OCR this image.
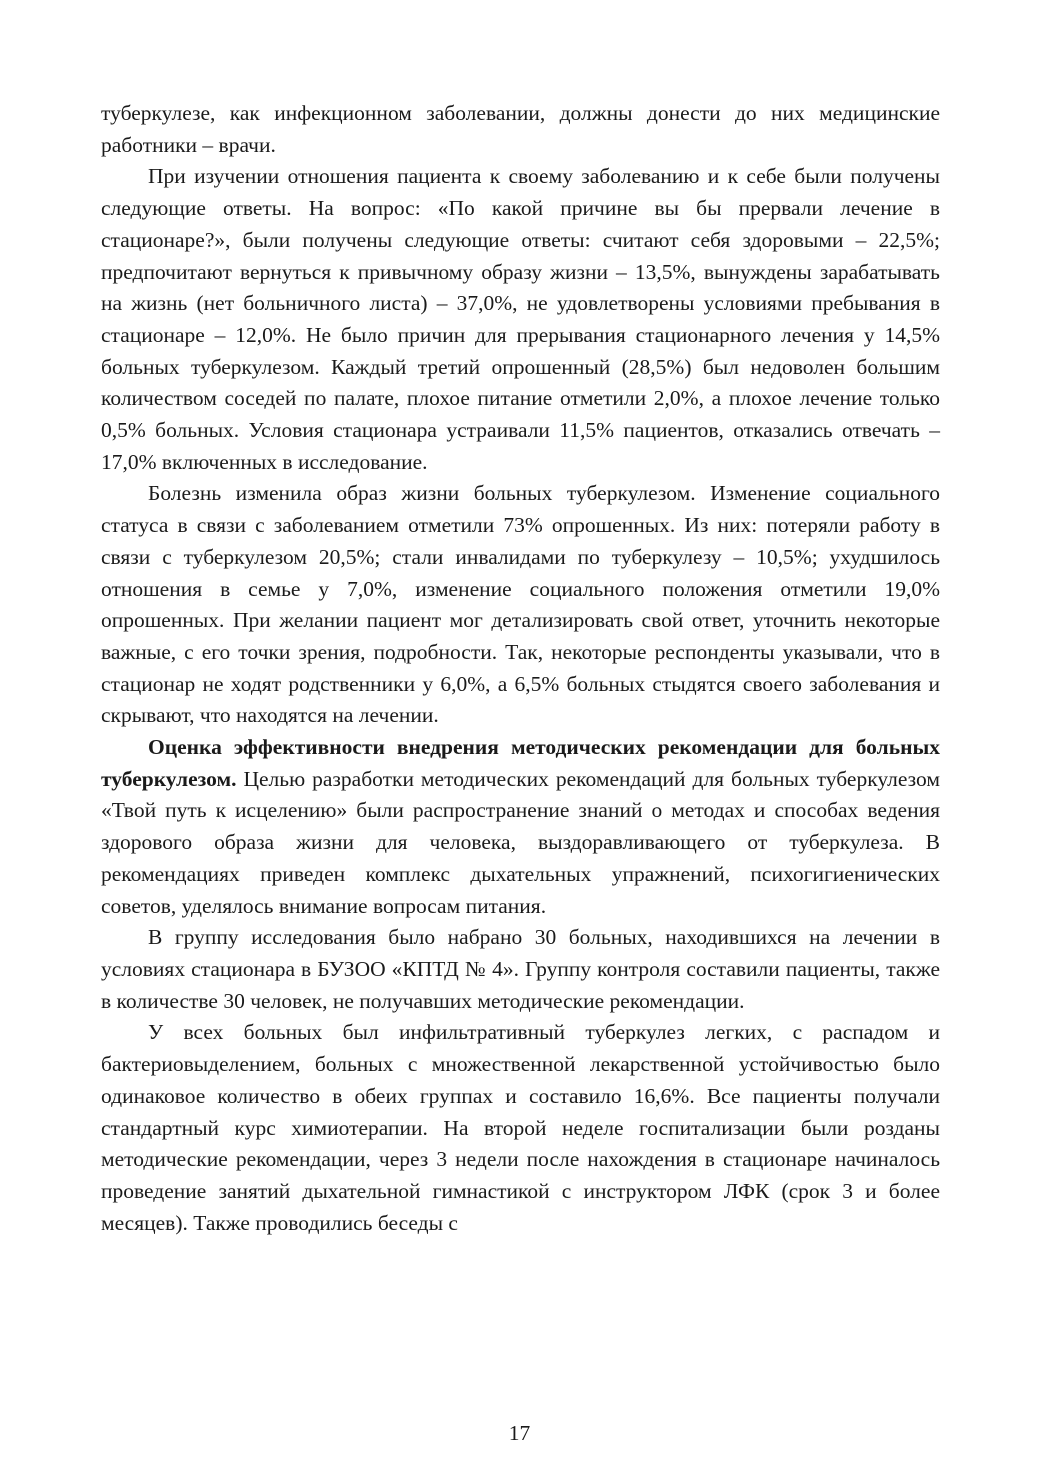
туберкулезе, как инфекционном заболевании, должны донести до них медицинские работники – врачи.

При изучении отношения пациента к своему заболеванию и к себе были получены следующие ответы. На вопрос: «По какой причине вы бы прервали лечение в стационаре?», были получены следующие ответы: считают себя здоровыми – 22,5%; предпочитают вернуться к привычному образу жизни – 13,5%, вынуждены зарабатывать на жизнь (нет больничного листа) – 37,0%, не удовлетворены условиями пребывания в стационаре – 12,0%. Не было причин для прерывания стационарного лечения у 14,5% больных туберкулезом. Каждый третий опрошенный (28,5%) был недоволен большим количеством соседей по палате, плохое питание отметили 2,0%, а плохое лечение только 0,5% больных. Условия стационара устраивали 11,5% пациентов, отказались отвечать – 17,0% включенных в исследование.

Болезнь изменила образ жизни больных туберкулезом. Изменение социального статуса в связи с заболеванием отметили 73% опрошенных. Из них: потеряли работу в связи с туберкулезом 20,5%; стали инвалидами по туберкулезу – 10,5%; ухудшилось отношения в семье у 7,0%, изменение социального положения отметили 19,0% опрошенных. При желании пациент мог детализировать свой ответ, уточнить некоторые важные, с его точки зрения, подробности. Так, некоторые респонденты указывали, что в стационар не ходят родственники у 6,0%, а 6,5% больных стыдятся своего заболевания и скрывают, что находятся на лечении.

Оценка эффективности внедрения методических рекомендации для больных туберкулезом. Целью разработки методических рекомендаций для больных туберкулезом «Твой путь к исцелению» были распространение знаний о методах и способах ведения здорового образа жизни для человека, выздоравливающего от туберкулеза. В рекомендациях приведен комплекс дыхательных упражнений, психогигиенических советов, уделялось внимание вопросам питания.

В группу исследования было набрано 30 больных, находившихся на лечении в условиях стационара в БУЗОО «КПТД № 4». Группу контроля составили пациенты, также в количестве 30 человек, не получавших методические рекомендации.

У всех больных был инфильтративный туберкулез легких, с распадом и бактериовыделением, больных с множественной лекарственной устойчивостью было одинаковое количество в обеих группах и составило 16,6%. Все пациенты получали стандартный курс химиотерапии. На второй неделе госпитализации были розданы методические рекомендации, через 3 недели после нахождения в стационаре начиналось проведение занятий дыхательной гимнастикой с инструктором ЛФК (срок 3 и более месяцев). Также проводились беседы с

17
